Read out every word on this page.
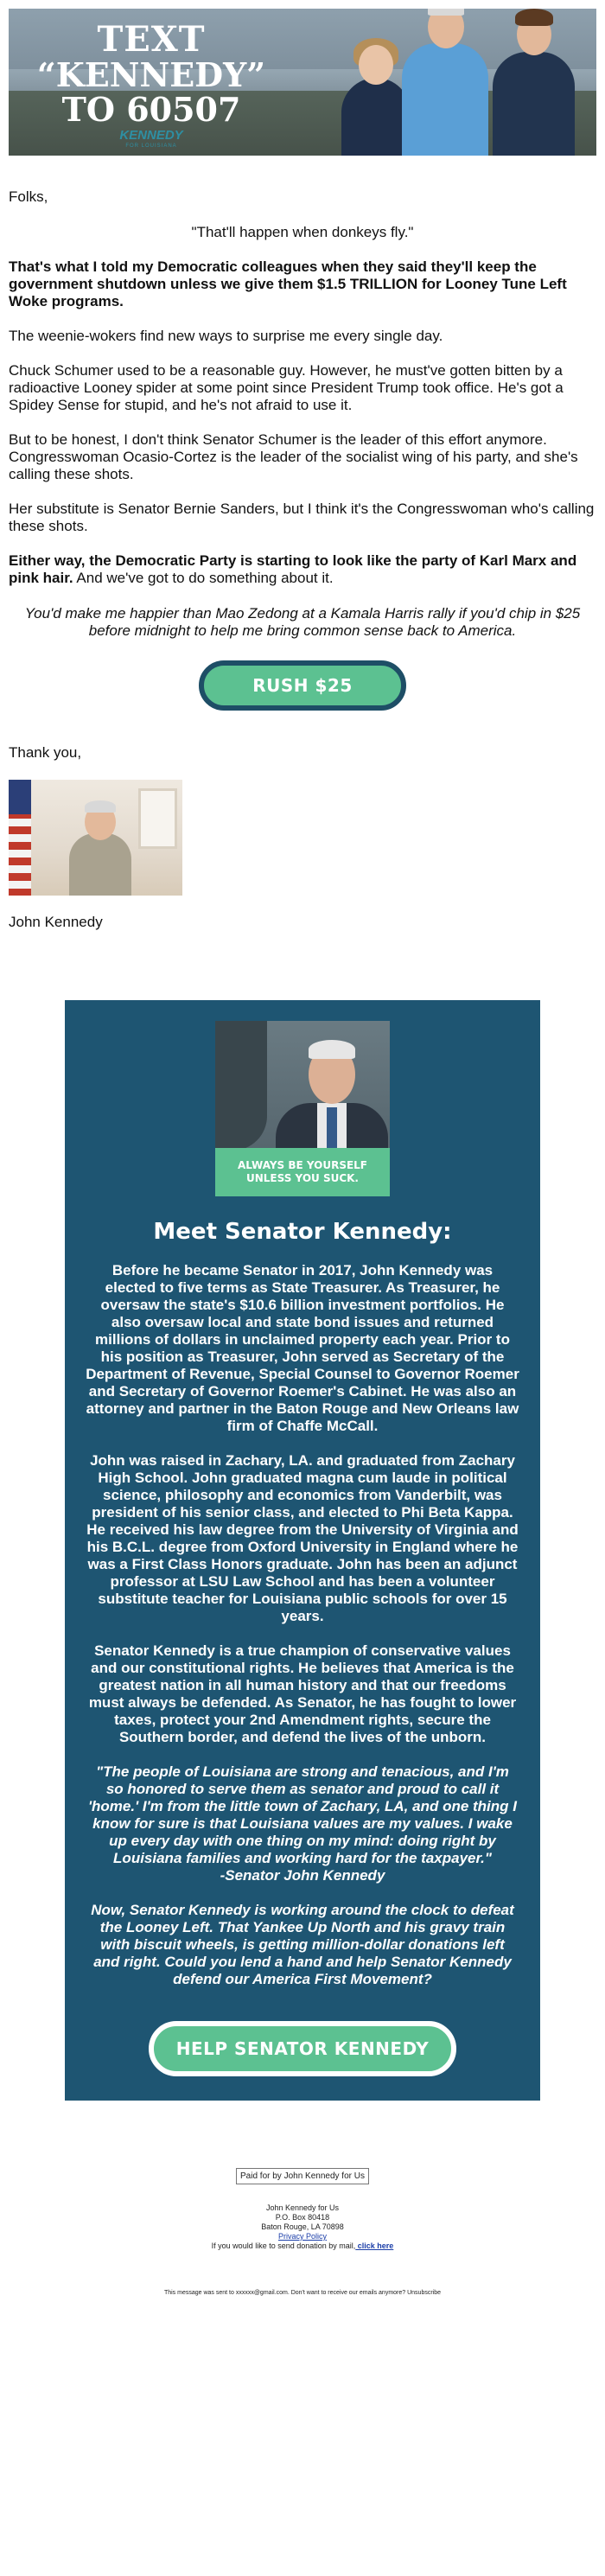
TEXT
“KENNEDY”
TO 60507
KENNEDY
FOR LOUISIANA

Folks,

"That'll happen when donkeys fly."

That's what I told my Democratic colleagues when they said they'll keep the government shutdown unless we give them $1.5 TRILLION for Looney Tune Left Woke programs.

The weenie-wokers find new ways to surprise me every single day.

Chuck Schumer used to be a reasonable guy. However, he must've gotten bitten by a radioactive Looney spider at some point since President Trump took office. He's got a Spidey Sense for stupid, and he's not afraid to use it.

But to be honest, I don't think Senator Schumer is the leader of this effort anymore. Congresswoman Ocasio-Cortez is the leader of the socialist wing of his party, and she's calling these shots.

Her substitute is Senator Bernie Sanders, but I think it's the Congresswoman who's calling these shots.

Either way, the Democratic Party is starting to look like the party of Karl Marx and pink hair. And we've got to do something about it.

You'd make me happier than Mao Zedong at a Kamala Harris rally if you'd chip in $25 before midnight to help me bring common sense back to America.

RUSH $25

Thank you,

John Kennedy

ALWAYS BE YOURSELF
UNLESS YOU SUCK.
Meet Senator Kennedy:

Before he became Senator in 2017, John Kennedy was elected to five terms as State Treasurer. As Treasurer, he oversaw the state's $10.6 billion investment portfolios. He also oversaw local and state bond issues and returned millions of dollars in unclaimed property each year. Prior to his position as Treasurer, John served as Secretary of the Department of Revenue, Special Counsel to Governor Roemer and Secretary of Governor Roemer's Cabinet. He was also an attorney and partner in the Baton Rouge and New Orleans law firm of Chaffe McCall.

John was raised in Zachary, LA. and graduated from Zachary High School. John graduated magna cum laude in political science, philosophy and economics from Vanderbilt, was president of his senior class, and elected to Phi Beta Kappa. He received his law degree from the University of Virginia and his B.C.L. degree from Oxford University in England where he was a First Class Honors graduate. John has been an adjunct professor at LSU Law School and has been a volunteer substitute teacher for Louisiana public schools for over 15 years.

Senator Kennedy is a true champion of conservative values and our constitutional rights. He believes that America is the greatest nation in all human history and that our freedoms must always be defended. As Senator, he has fought to lower taxes, protect your 2nd Amendment rights, secure the Southern border, and defend the lives of the unborn.

"The people of Louisiana are strong and tenacious, and I'm so honored to serve them as senator and proud to call it 'home.' I'm from the little town of Zachary, LA, and one thing I know for sure is that Louisiana values are my values. I wake up every day with one thing on my mind: doing right by Louisiana families and working hard for the taxpayer."
-Senator John Kennedy

Now, Senator Kennedy is working around the clock to defeat the Looney Left. That Yankee Up North and his gravy train with biscuit wheels, is getting million-dollar donations left and right. Could you lend a hand and help Senator Kennedy defend our America First Movement?

HELP SENATOR KENNEDY
Paid for by John Kennedy for Us
John Kennedy for Us
P.O. Box 80418
Baton Rouge, LA 70898
Privacy Policy
If you would like to send donation by mail, click here
This message was sent to xxxxxx@gmail.com. Don't want to receive our emails anymore? Unsubscribe
